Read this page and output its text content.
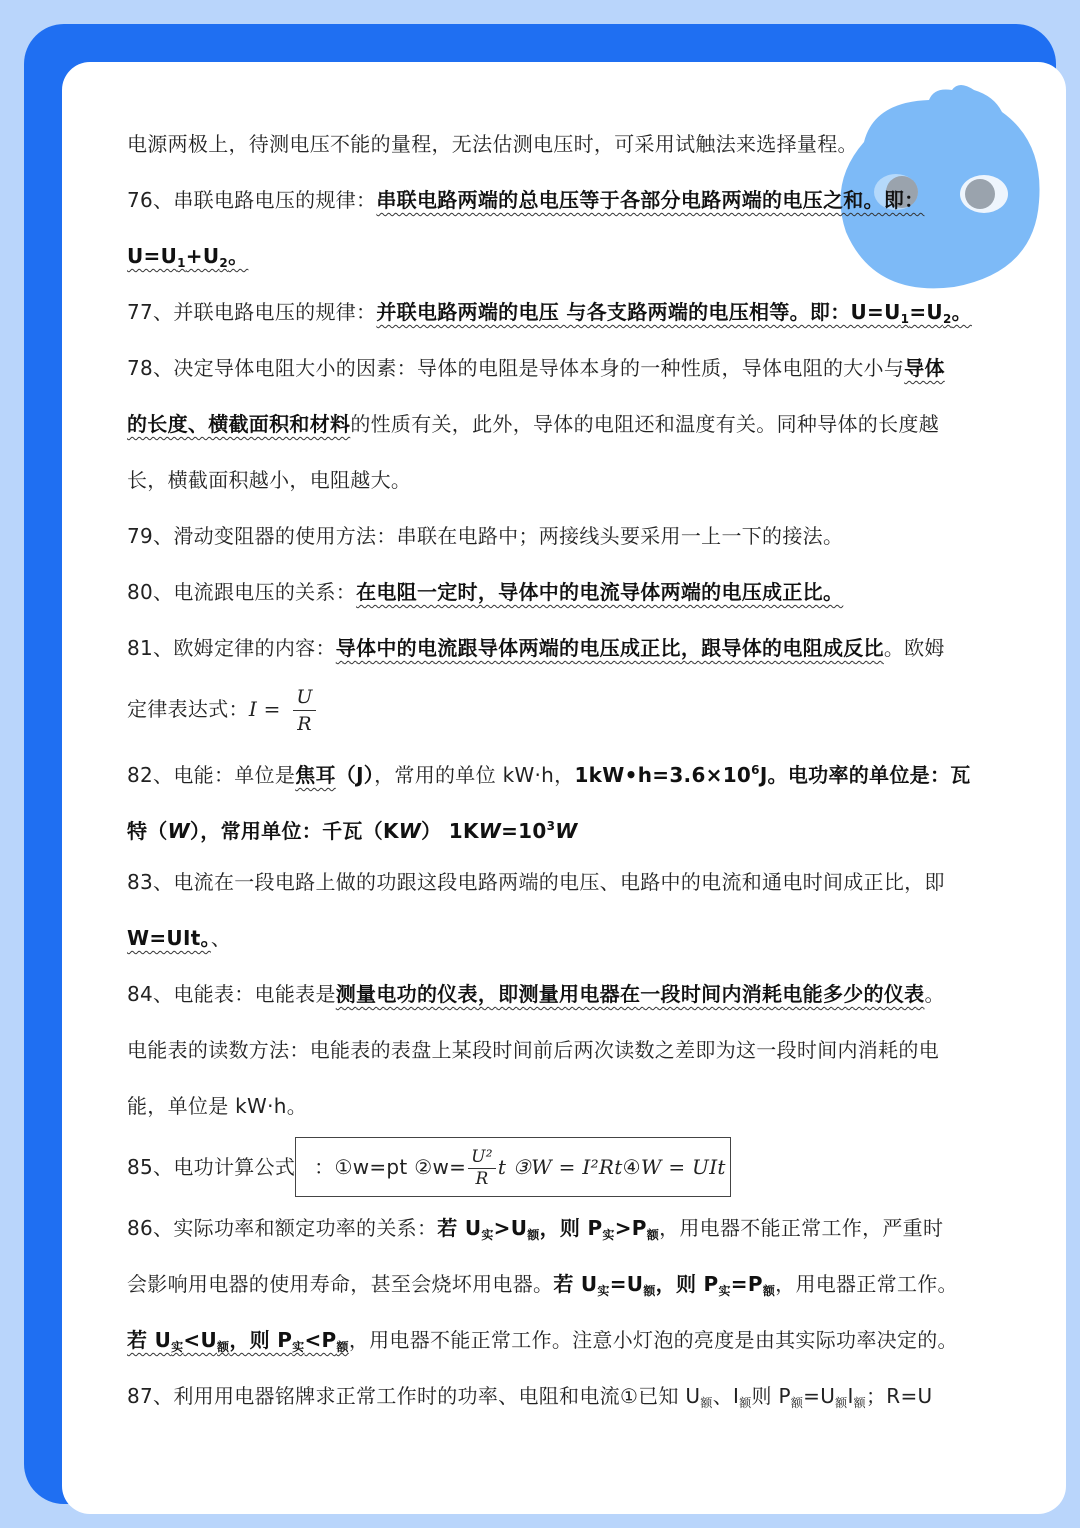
电源两极上，待测电压不能的量程，无法估测电压时，可采用试触法来选择量程。
76、串联电路电压的规律：串联电路两端的总电压等于各部分电路两端的电压之和。即：
$U=U_1+U_2$。
77、并联电路电压的规律：并联电路两端的电压 与各支路两端的电压相等。即：$U=U_1=U_2$。
78、决定导体电阻大小的因素：导体的电阻是导体本身的一种性质，导体电阻的大小与导体
的长度、横截面积和材料的性质有关，此外，导体的电阻还和温度有关。同种导体的长度越
长，横截面积越小，电阻越大。
79、滑动变阻器的使用方法：串联在电路中；两接线头要采用一上一下的接法。
80、电流跟电压的关系：在电阻一定时，导体中的电流导体两端的电压成正比。
81、欧姆定律的内容：导体中的电流跟导体两端的电压成正比，跟导体的电阻成反比。欧姆
定律表达式：$I = \frac{U}{R}$
82、电能：单位是焦耳（J），常用的单位 kW·h，$1kW•h=3.6\times 10^6J$。电功率的单位是：瓦
特（W），常用单位：千瓦（KW） $1KW=10^3W$
83、电流在一段电路上做的功跟这段电路两端的电压、电路中的电流和通电时间成正比，即
W=UIt。、
84、电能表：电能表是测量电功的仪表，即测量用电器在一段时间内消耗电能多少的仪表。
电能表的读数方法：电能表的表盘上某段时间前后两次读数之差即为这一段时间内消耗的电
能，单位是 kW·h。
85、电功计算公式 ：①w=pt ②w= $\frac{\text{U²}}{R}$ t ③W = I²Rt④W = UIt
86、实际功率和额定功率的关系：若 $U_实>U_额$，则 $P_实>P_额$，用电器不能正常工作，严重时
会影响用电器的使用寿命，甚至会烧坏用电器。若 $U_实=U_额$，则 $P_实=P_额$，用电器正常工作。
若 $U_实<U_额$，则 $P_实<P_额$，用电器不能正常工作。注意小灯泡的亮度是由其实际功率决定的。
87、利用用电器铭牌求正常工作时的功率、电阻和电流①已知 $U_额$、$I_额$则 $P_额=U_额I_额$；R=U
